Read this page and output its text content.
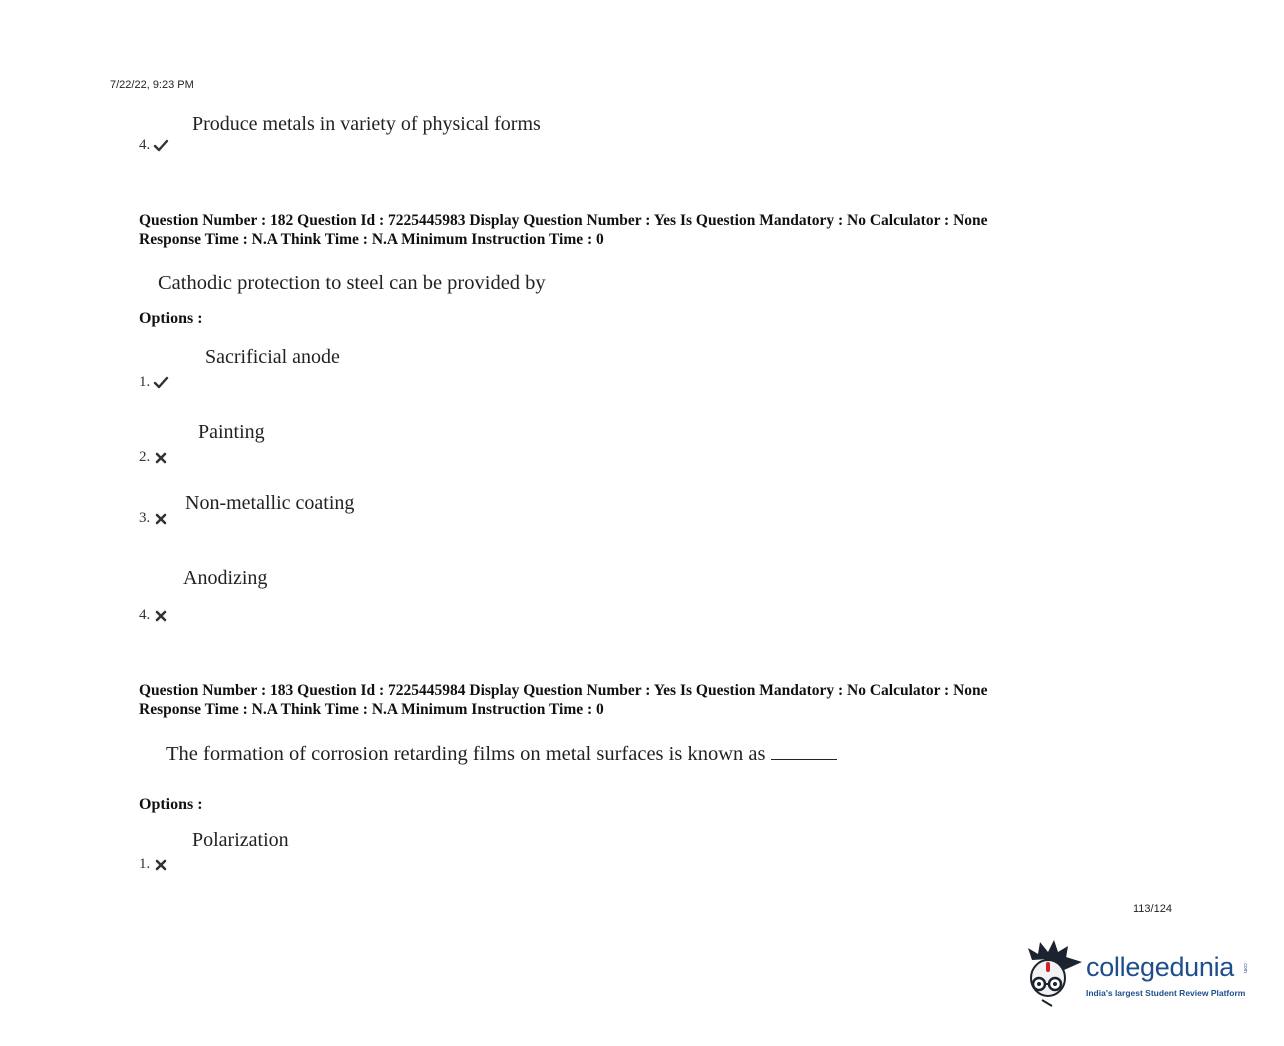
7/22/22, 9:23 PM
Produce metals in variety of physical forms
4.
Question Number : 182 Question Id : 7225445983 Display Question Number : Yes Is Question Mandatory : No Calculator : None
Response Time : N.A Think Time : N.A Minimum Instruction Time : 0
Cathodic protection to steel can be provided by
Options :
Sacrificial anode
1.
Painting
2.
Non-metallic coating
3.
Anodizing
4.
Question Number : 183 Question Id : 7225445984 Display Question Number : Yes Is Question Mandatory : No Calculator : None
Response Time : N.A Think Time : N.A Minimum Instruction Time : 0
The formation of corrosion retarding films on metal surfaces is known as
Options :
Polarization
1.
113/124
collegedunia .com
India's largest Student Review Platform
